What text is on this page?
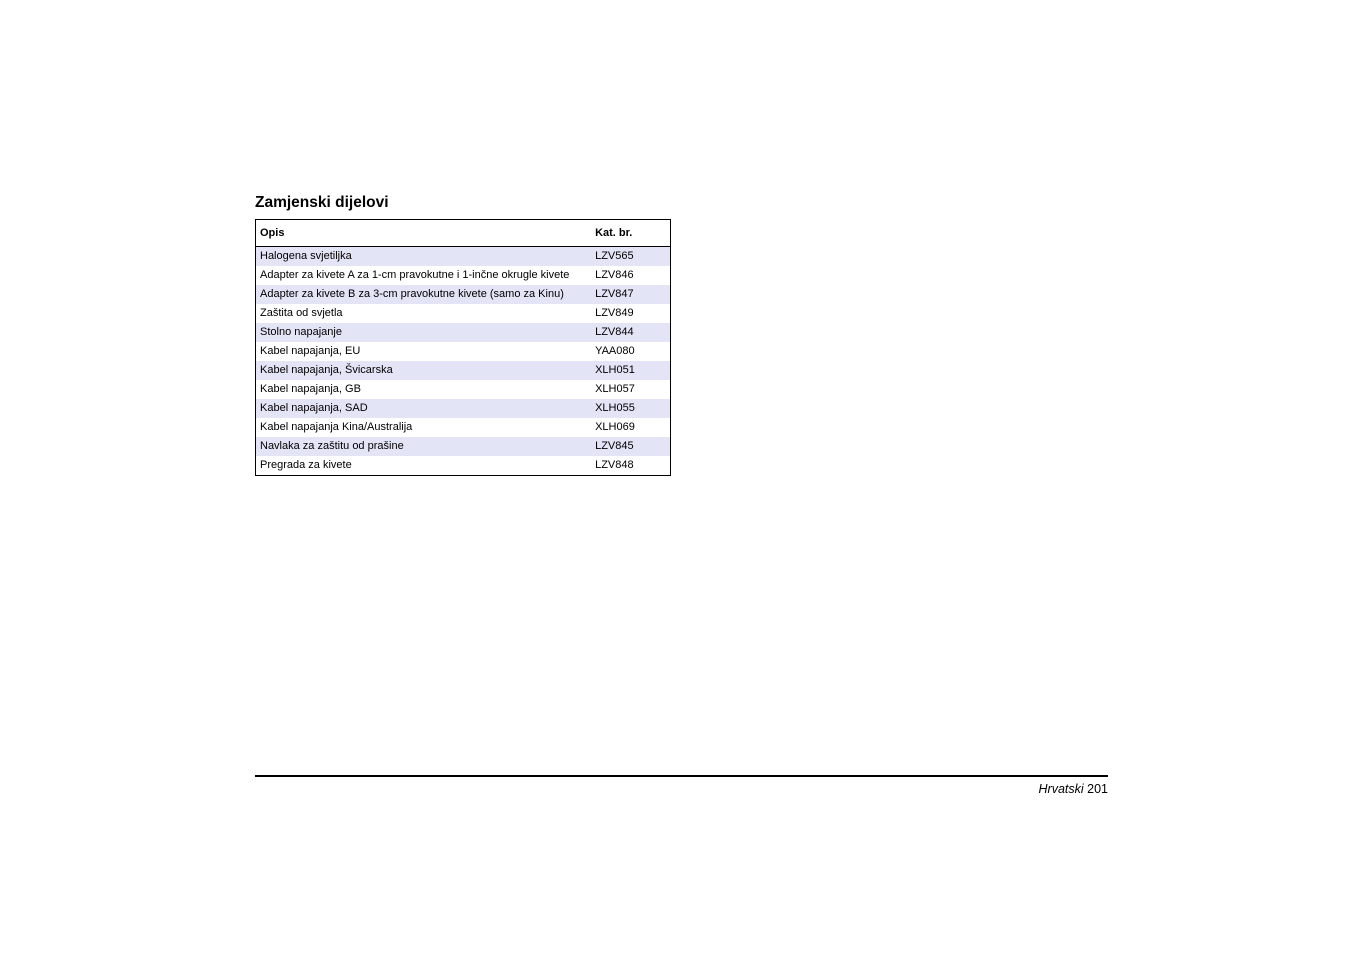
Zamjenski dijelovi
Opis	Kat. br.
Halogena svjetiljka	LZV565
Adapter za kivete A za 1-cm pravokutne i 1-inčne okrugle kivete	LZV846
Adapter za kivete B za 3-cm pravokutne kivete (samo za Kinu)	LZV847
Zaštita od svjetla	LZV849
Stolno napajanje	LZV844
Kabel napajanja, EU	YAA080
Kabel napajanja, Švicarska	XLH051
Kabel napajanja, GB	XLH057
Kabel napajanja, SAD	XLH055
Kabel napajanja Kina/Australija	XLH069
Navlaka za zaštitu od prašine	LZV845
Pregrada za kivete	LZV848
Hrvatski 201
